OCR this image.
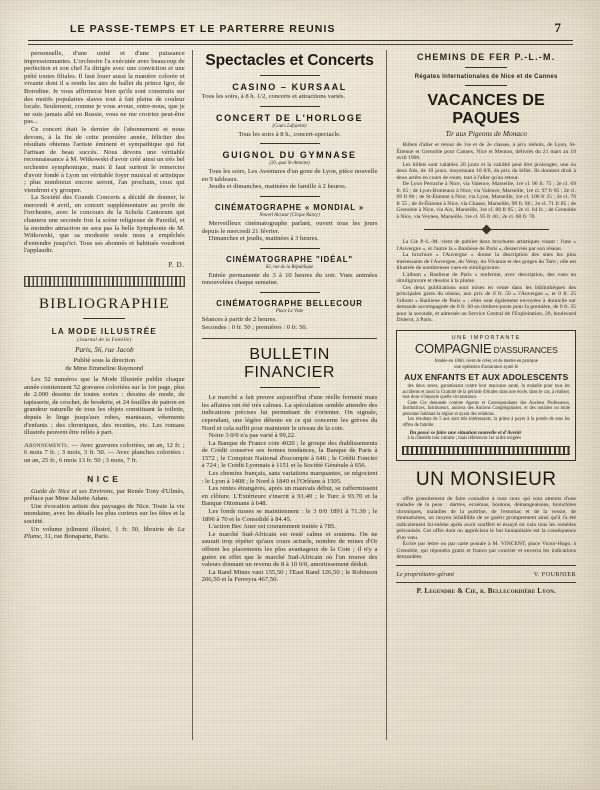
LE PASSE-TEMPS ET LE PARTERRE REUNIS	7

personnelle, d'une unité et d'une puissance impressionnantes. L'orchestre l'a exécutée avec beaucoup de perfection et son chef l'a dirigée avec une conviction et une piété toutes filiales. Il faut louer aussi la manière colorée et vivante dont il a rendu les airs de ballet du prince Igor, de Borodine. Je vous affirmerai bien qu'ils sont construits sur des motifs populaires slaves tout à fait pleins de couleur locale. Seulement, comme je vous avoue, entre-nous, que je ne suis jamais allé en Russie, vous ne me croiriez peut-être pas...

Ce concert était le dernier de l'abonnement et nous devons, à la fin de cette première année, féliciter des résultats obtenus l'artiste éminent et sympathique qui fut l'artisan de beau succès. Nous devons une véritable reconnaissance à M. Witkowski d'avoir créé ainsi un très bel orchestre symphonique, mais il faut surtout le remercier d'avoir fondé à Lyon un véritable foyer musical et artistique ; plus nombreux encore seront, l'an prochain, ceux qui viendront s'y grouper.

La Société des Grands Concerts a décidé de donner, le mercredi 4 avril, un concert supplémentaire au profit de l'orchestre, avec le concours de la Schola Cantorum qui chantera une seconde fois la scène religieuse de Parsifal, et la moindre attraction ne sera pas la belle Symphonie de M. Witkowski, que sa modestie seule nous a empêchés d'entendre jusqu'ici. Tous ses abonnés et habitués voudront l'applaudir.

P. D.
BIBLIOGRAPHIE
LA MODE ILLUSTRÉE
(Journal de la Famille)
Paris, 56, rue Jacob
Publié sous la direction
de Mme Emmeline Raymond

Les 52 numéros que la Mode Illustrée publie chaque année contiennent 52 gravures coloriées sur la 1re page, plus de 2.000 dessins de toutes sortes : dessins de mode, de tapisserie, de crochet, de broderie, et 24 feuilles de patron en grandeur naturelle de tous les objets constituant la toilette, depuis le linge jusqu'aux robes, manteaux, vêtements d'enfants ; des chroniques, des recettes, etc. Les romans illustrés peuvent être reliés à part.

Abonnements. — Avec gravures coloriées, un an, 12 fr. ; 6 mois 7 fr. ; 3 mois, 3 fr. 50. — Avec planches coloriées : un an, 25 fr., 6 mois 13 fr. 50 ; 3 mois, 7 fr.

NICE

Guide de Nice et ses Environs, par Renée Tony d'Ulmès, préface par Mme Juliette Adam.

Une évocation artiste des paysages de Nice. Toute la vie mondaine, avec les détails les plus curieux sur les fêtes et la société.

Un volume joliment illustré, 1 fr. 50, librairie de La Plume, 31, rue Bonaparte, Paris.

Spectacles et Concerts
CASINO – KURSAAL

Tous les soirs, à 8 h. 1/2, concerts et attractions variés.

CONCERT DE L'HORLOGE
(Cours Lafayette)

Tous les soirs à 8 h., concert-spectacle.

GUIGNOL DU GYMNASE
(20, quai St-Antoine)

Tous les soirs, Les Aventures d'un gone de Lyon, pièce nouvelle en 9 tableaux.

Jeudis et dimanches, matinées de famille à 2 heures.

CINÉMATOGRAPHE « MONDIAL »
Nouvel Alcazar (Cirque Rancy)

Merveilleux cinématographe parlant, ouvert tous les jours depuis le mercredi 21 février.

Dimanches et jeudis, matinées à 3 heures.

CINÉMATOGRAPHE "IDÉAL"
82, rue de la République

Entrée permanente de 3 à 10 heures du soir. Vues animées renouvelées chaque semaine.

CINÉMATOGRAPHE BELLECOUR
Place Le Viste

Séances à partir de 2 heures.

Secondes : 0 fr. 50 ; premières : 0 fr. 50.

BULLETIN FINANCIER

Le marché a fait preuve aujourd'hui d'une réelle fermeté mais les affaires ont été très calmes. La spéculation semble attendre des indications précises lui permettant de s'orienter. On signale, cependant, une légère détente en ce qui concerne les grèves du Nord et cela suffit pour maintenir le niveau de la cote.

Notre 3 0/0 n'a pas varié à 99,22.

La Banque de France cote 4020 ; le groupe des établissements de Crédit conserve ses fermes tendances, la Banque de Paris à 1572 ; le Comptoir National d'escompte à 646 ; le Crédit Foncier à 724 ; le Crédit Lyonnais à 1151 et la Société Générale à 656.

Les chemins français, sans variations marquantes, se négocient : le Lyon à 1408 ; le Nord à 1849 et l'Orléans à 1505.

Les rentes étrangères, après un mauvais début, se raffermissent en clôture. L'Extérieure s'inscrit à 91.40 ; le Turc à 93.70 et la Banque Ottomane à 648.

Les fonds russes se maintiennent : le 3 0/0 1891 à 71.30 ; le 1896 à 70 et le Consolidé à 84.45.

L'action Bec Auer est couramment traitée à 785.

Le marché Sud-Africain est resté calme et soutenu. On ne saurait trop répéter qu'aux cours actuels, nombre de mines d'Or offrent les placements les plus avantageux de la Cote ; il n'y a guère en effet que le marché Sud-Africain où l'on trouve des valeurs donnant un revenu de 8 à 10 0/0, amortissement déduit.

La Rand Mines vaut 155,50 ; l'East Rand 126,50 ; le Robinson 206,50 et la Ferreyra 467,50.

CHEMINS DE FER P.-L.-M.
Régates Internationales de Nice et de Cannes
VACANCES DE PAQUES
Tir aux Pigeons de Monaco

Billets d'aller et retour de 1re et de 2e classes, à prix réduits, de Lyon, St-Étienne et Grenoble pour Cannes, Nice et Menton, délivrés du 21 mars au 18 avril 1906.

Les billets sont valables 20 jours et la validité peut être prolongée, une ou deux fois, de 10 jours, moyennant 10 0/0, du prix du billet. Ils donnent droit à deux arrêts en cours de route, tant à l'aller qu'au retour.

De Lyon Perrache à Nice, via Valence, Marseille, 1re cl. 96 fr. 75 ; 2e cl. 69 fr. 65 ; de Lyon-Brotteaux à Nice, via Valence, Marseille, 1re cl. 97 fr 85 ; 2e cl. 69 fr 80 ; de St-Étienne à Nice, via Lyon, Marseille, 1re cl. 106 fr 25 ; 2e cl. 76 fr 55 ; de St-Étienne à Nice, via Chasse, Marseille, 99 fr. 80 ; 2e cl. 71 fr 85 ; de Grenoble à Nice, via Aix, Marseille, 1re cl. 88 fr 85 ; 2e cl. 64 fr. ; de Grenoble à Nice, via Veynes, Marseille, 1re cl. 95 fr 40 ; 2e cl. 68 fr. 70.

La Cie P.-L.-M. vient de publier deux brochures artistiques visant : l'une « l'Auvergne », et l'autre la « Banlieue de Paris », desservies par son réseau.

La brochure « l'Auvergne » donne la description des sites les plus intéressants de l'Auvergne, du Velay, du Vivarais et des gorges du Tarn ; elle est illustrée de nombreuses vues en similigravure.

L'album « Banlieue de Paris » renferme, avec description, des vues en similigravure et dessins à la plume.

Ces deux publications sont mises en vente dans les bibliothèques des principales gares du réseau, aux prix de 0 fr. 50 « l'Auvergne », et 0 fr. 25 l'album « Banlieue de Paris » ; elles sont également envoyées à domicile sur demande accompagnée de 0 fr. 60 en timbres-poste pour la première, de 0 fr. 35 pour la seconde, et adressée au Service Central de l'Exploitation, 20, boulevard Diderot, à Paris.

UNE IMPORTANTE
COMPAGNIE D'ASSURANCES
fondée en 1860, vient de créer, et de mettre en pratique
une opération d'assurance ayant le
AUX ENFANTS ET AUX ADOLESCENTS

des deux sexes, garantissant contre leur mauvaise santé, la maladie pour tous les accidents et aussi la Gratuité de la période d'études dans une école, dans le cas, à réaliser, tout donc n'importe quelle circonstance.

Cette Cie demande comme Agents et Correspondants des Anciens Professeurs, Institutrices, Instituteurs, anciens des Anciens Congréganistes, et des notaires ou toute personne habitant la région et ayant des relations.

Les résultats de 5 ans sont très intéressants, la prime à payer à la portée de tous les offres de famille.

Du passé se faire une situation nouvelle et d'Avenir

à la clientèle tout comme ; mais références 1er ordre exigées

UN MONSIEUR

offre gratuitement de faire connaître à tous ceux qui sont atteints d'une maladie de la peau : dartres, eczémas, boutons, démangeaisons, bronchites chroniques, maladies de la poitrine, de l'estomac et de la vessie, de rhumatismes, un moyen infaillible de se guérir promptement ainsi qu'il l'a été radicalement lui-même après avoir souffert et essayé en vain tous les remèdes préconisés. Cet offre dont on appréciera le but humanitaire est la conséquence d'un vœu.

Écrire par lettre ou par carte postale à M. VINCENT, place Victor-Hugo, à Grenoble, qui répondra gratis et franco par courrier et enverra les indications demandées.

Le propriétaire-gérant	V. FOURNIER
P. Legendre & Cie, r. Bellecordière Lyon.
